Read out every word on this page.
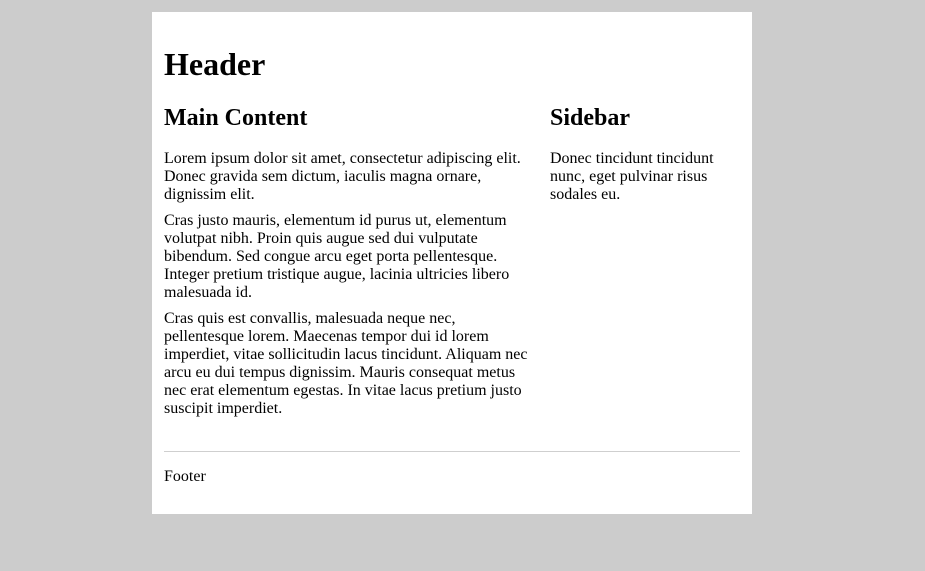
Header
Main Content

Lorem ipsum dolor sit amet, consectetur adipiscing elit. Donec gravida sem dictum, iaculis magna ornare, dignissim elit.

Cras justo mauris, elementum id purus ut, elementum volutpat nibh. Proin quis augue sed dui vulputate bibendum. Sed congue arcu eget porta pellentesque. Integer pretium tristique augue, lacinia ultricies libero malesuada id.

Cras quis est convallis, malesuada neque nec, pellentesque lorem. Maecenas tempor dui id lorem imperdiet, vitae sollicitudin lacus tincidunt. Aliquam nec arcu eu dui tempus dignissim. Mauris consequat metus nec erat elementum egestas. In vitae lacus pretium justo suscipit imperdiet.

Sidebar

Donec tincidunt tincidunt nunc, eget pulvinar risus sodales eu.

Footer
